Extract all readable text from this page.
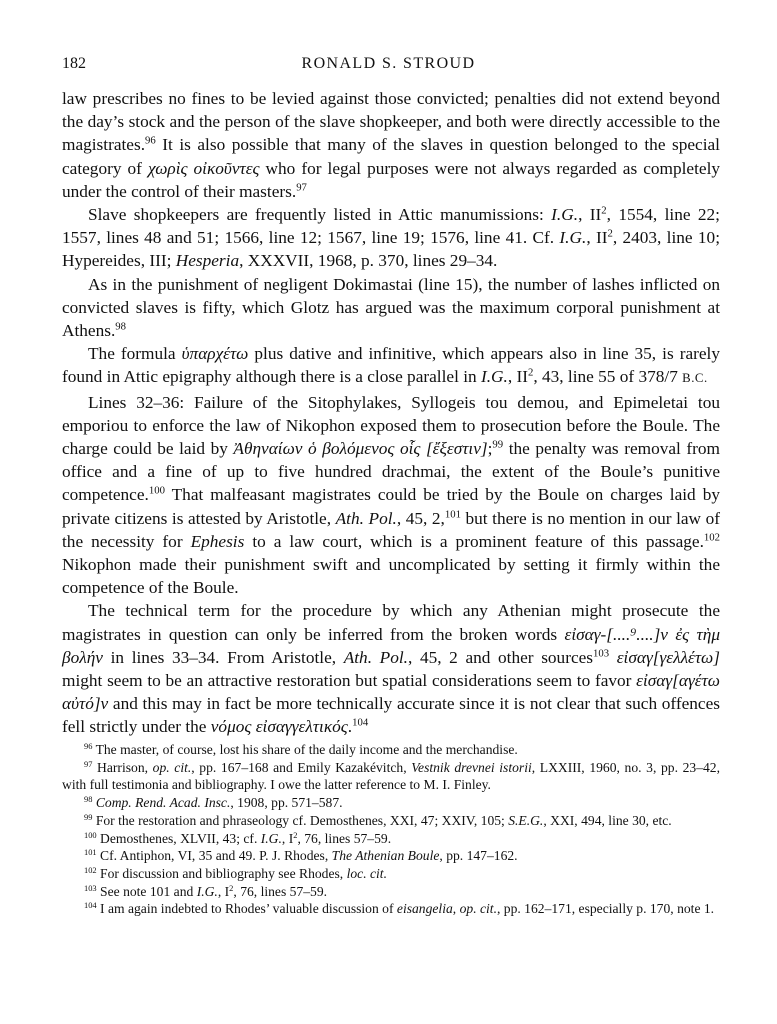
182	RONALD S. STROUD

law prescribes no fines to be levied against those convicted; penalties did not extend beyond the day’s stock and the person of the slave shopkeeper, and both were directly accessible to the magistrates.$^{96}$ It is also possible that many of the slaves in question belonged to the special category of χωρὶς οἰκοῦντες who for legal purposes were not always regarded as completely under the control of their masters.$^{97}$

Slave shopkeepers are frequently listed in Attic manumissions: I.G., $II^2$, 1554, line 22; 1557, lines 48 and 51; 1566, line 12; 1567, line 19; 1576, line 41. Cf. I.G., $II^2$, 2403, line 10; Hypereides, III; Hesperia, XXXVII, 1968, p. 370, lines 29–34.

As in the punishment of negligent Dokimastai (line 15), the number of lashes inflicted on convicted slaves is fifty, which Glotz has argued was the maximum corporal punishment at Athens.$^{98}$

The formula ὑπαρχέτω plus dative and infinitive, which appears also in line 35, is rarely found in Attic epigraphy although there is a close parallel in I.G., $II^2$, 43, line 55 of 378/7 B.C.

Lines 32–36: Failure of the Sitophylakes, Syllogeis tou demou, and Epimeletai tou emporiou to enforce the law of Nikophon exposed them to prosecution before the Boule. The charge could be laid by Ἀθηναίων ὁ βολόμενος οἷς [ἔξεστιν];$^{99}$ the penalty was removal from office and a fine of up to five hundred drachmai, the extent of the Boule’s punitive competence.$^{100}$ That malfeasant magistrates could be tried by the Boule on charges laid by private citizens is attested by Aristotle, Ath. Pol., 45, 2,$^{101}$ but there is no mention in our law of the necessity for Ephesis to a law court, which is a prominent feature of this passage.$^{102}$ Nikophon made their punishment swift and uncomplicated by setting it firmly within the competence of the Boule.

The technical term for the procedure by which any Athenian might prosecute the magistrates in question can only be inferred from the broken words εἰσαγ-[....⁹....]ν ἐς τὴμ βολήν in lines 33–34. From Aristotle, Ath. Pol., 45, 2 and other sources$^{103}$ εἰσαγ[γελλέτω] might seem to be an attractive restoration but spatial considerations seem to favor εἰσαγ[αγέτω αὐτό]ν and this may in fact be more technically accurate since it is not clear that such offences fell strictly under the νόμος εἰσαγγελτικός.$^{104}$

$^{96}$ The master, of course, lost his share of the daily income and the merchandise.

$^{97}$ Harrison, op. cit., pp. 167–168 and Emily Kazakévitch, Vestnik drevnei istorii, LXXIII, 1960, no. 3, pp. 23–42, with full testimonia and bibliography. I owe the latter reference to M. I. Finley.

$^{98}$ Comp. Rend. Acad. Insc., 1908, pp. 571–587.

$^{99}$ For the restoration and phraseology cf. Demosthenes, XXI, 47; XXIV, 105; S.E.G., XXI, 494, line 30, etc.

$^{100}$ Demosthenes, XLVII, 43; cf. I.G., $I^2$, 76, lines 57–59.

$^{101}$ Cf. Antiphon, VI, 35 and 49. P. J. Rhodes, The Athenian Boule, pp. 147–162.

$^{102}$ For discussion and bibliography see Rhodes, loc. cit.

$^{103}$ See note 101 and I.G., $I^2$, 76, lines 57–59.

$^{104}$ I am again indebted to Rhodes’ valuable discussion of eisangelia, op. cit., pp. 162–171, especially p. 170, note 1.
